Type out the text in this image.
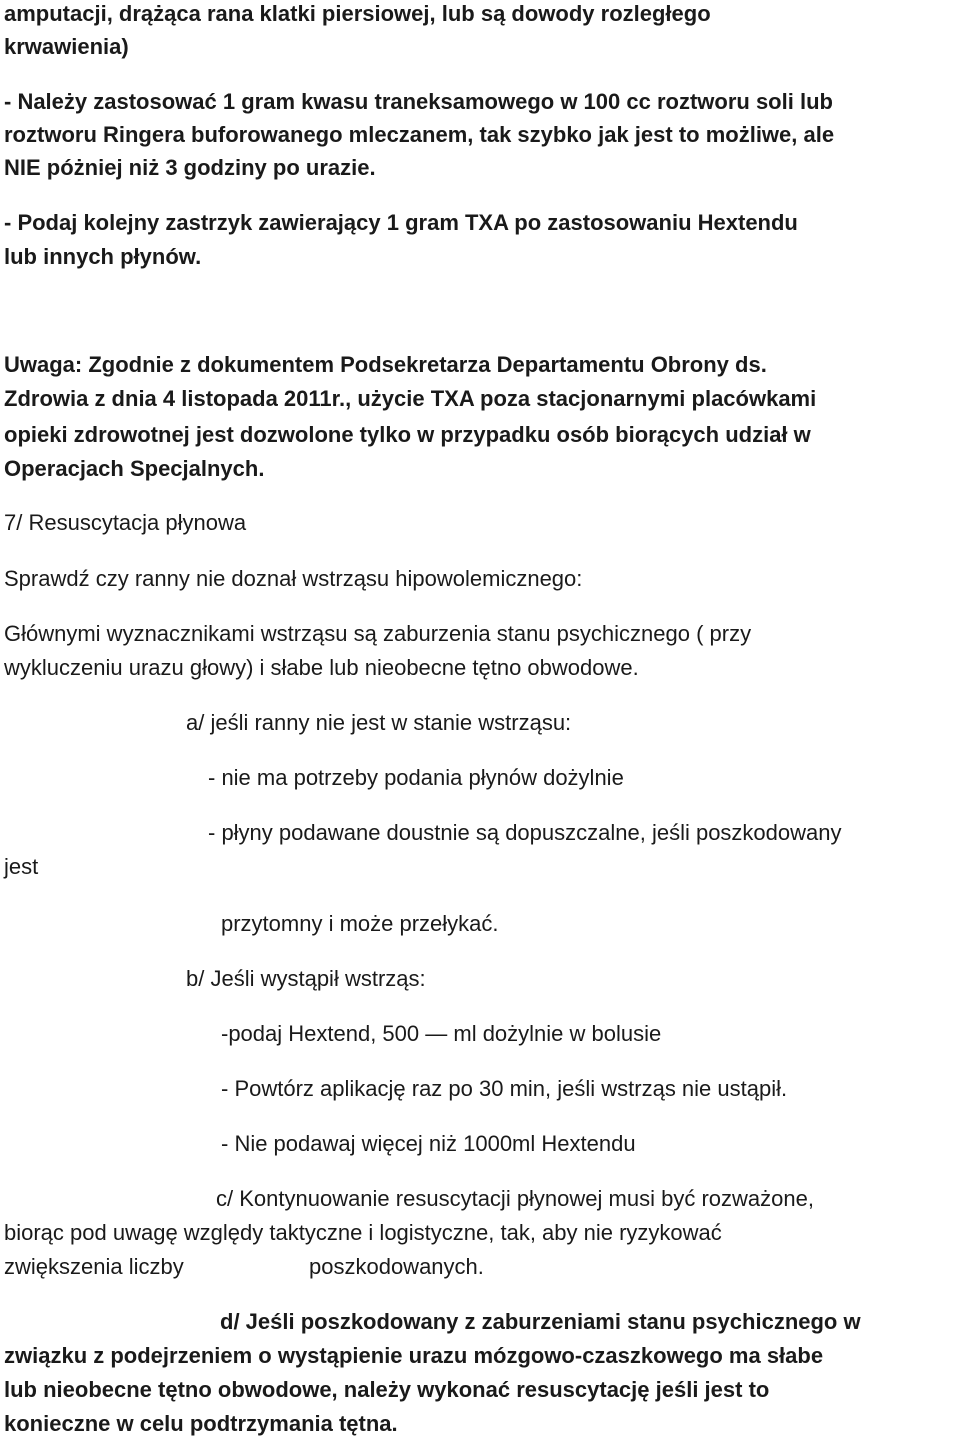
amputacji, drążąca rana klatki piersiowej, lub są dowody rozległego

krwawienia)

- Należy zastosować 1 gram kwasu traneksamowego w 100 cc roztworu soli lub

roztworu Ringera buforowanego mleczanem, tak szybko jak jest to możliwe, ale

NIE póżniej niż 3 godziny po urazie.

- Podaj kolejny zastrzyk zawierający 1 gram TXA po zastosowaniu Hextendu

lub innych płynów.

Uwaga: Zgodnie z dokumentem Podsekretarza Departamentu Obrony ds.

Zdrowia z dnia 4 listopada 2011r., użycie TXA poza stacjonarnymi placówkami

opieki zdrowotnej jest dozwolone tylko w przypadku osób biorących udział w

Operacjach Specjalnych.

7/ Resuscytacja płynowa

Sprawdź czy ranny nie doznał wstrząsu hipowolemicznego:

Głównymi wyznacznikami wstrząsu są zaburzenia stanu psychicznego ( przy

wykluczeniu urazu głowy) i słabe lub nieobecne tętno obwodowe.

a/ jeśli ranny nie jest w stanie wstrząsu:

- nie ma potrzeby podania płynów dożylnie

- płyny podawane doustnie są dopuszczalne, jeśli poszkodowany

jest

przytomny i może przełykać.

b/ Jeśli wystąpił wstrząs:

-podaj Hextend, 500 — ml dożylnie w bolusie

- Powtórz aplikację raz po 30 min, jeśli wstrząs nie ustąpił.

- Nie podawaj więcej niż 1000ml Hextendu

c/ Kontynuowanie resuscytacji płynowej musi być rozważone,

biorąc pod uwagę względy taktyczne i logistyczne, tak, aby nie ryzykować

zwiększenia liczby	poszkodowanych.

d/ Jeśli poszkodowany z zaburzeniami stanu psychicznego w

związku z podejrzeniem o wystąpienie urazu mózgowo-czaszkowego ma słabe

lub nieobecne tętno obwodowe, należy wykonać resuscytację jeśli jest to

konieczne w celu podtrzymania tętna.
